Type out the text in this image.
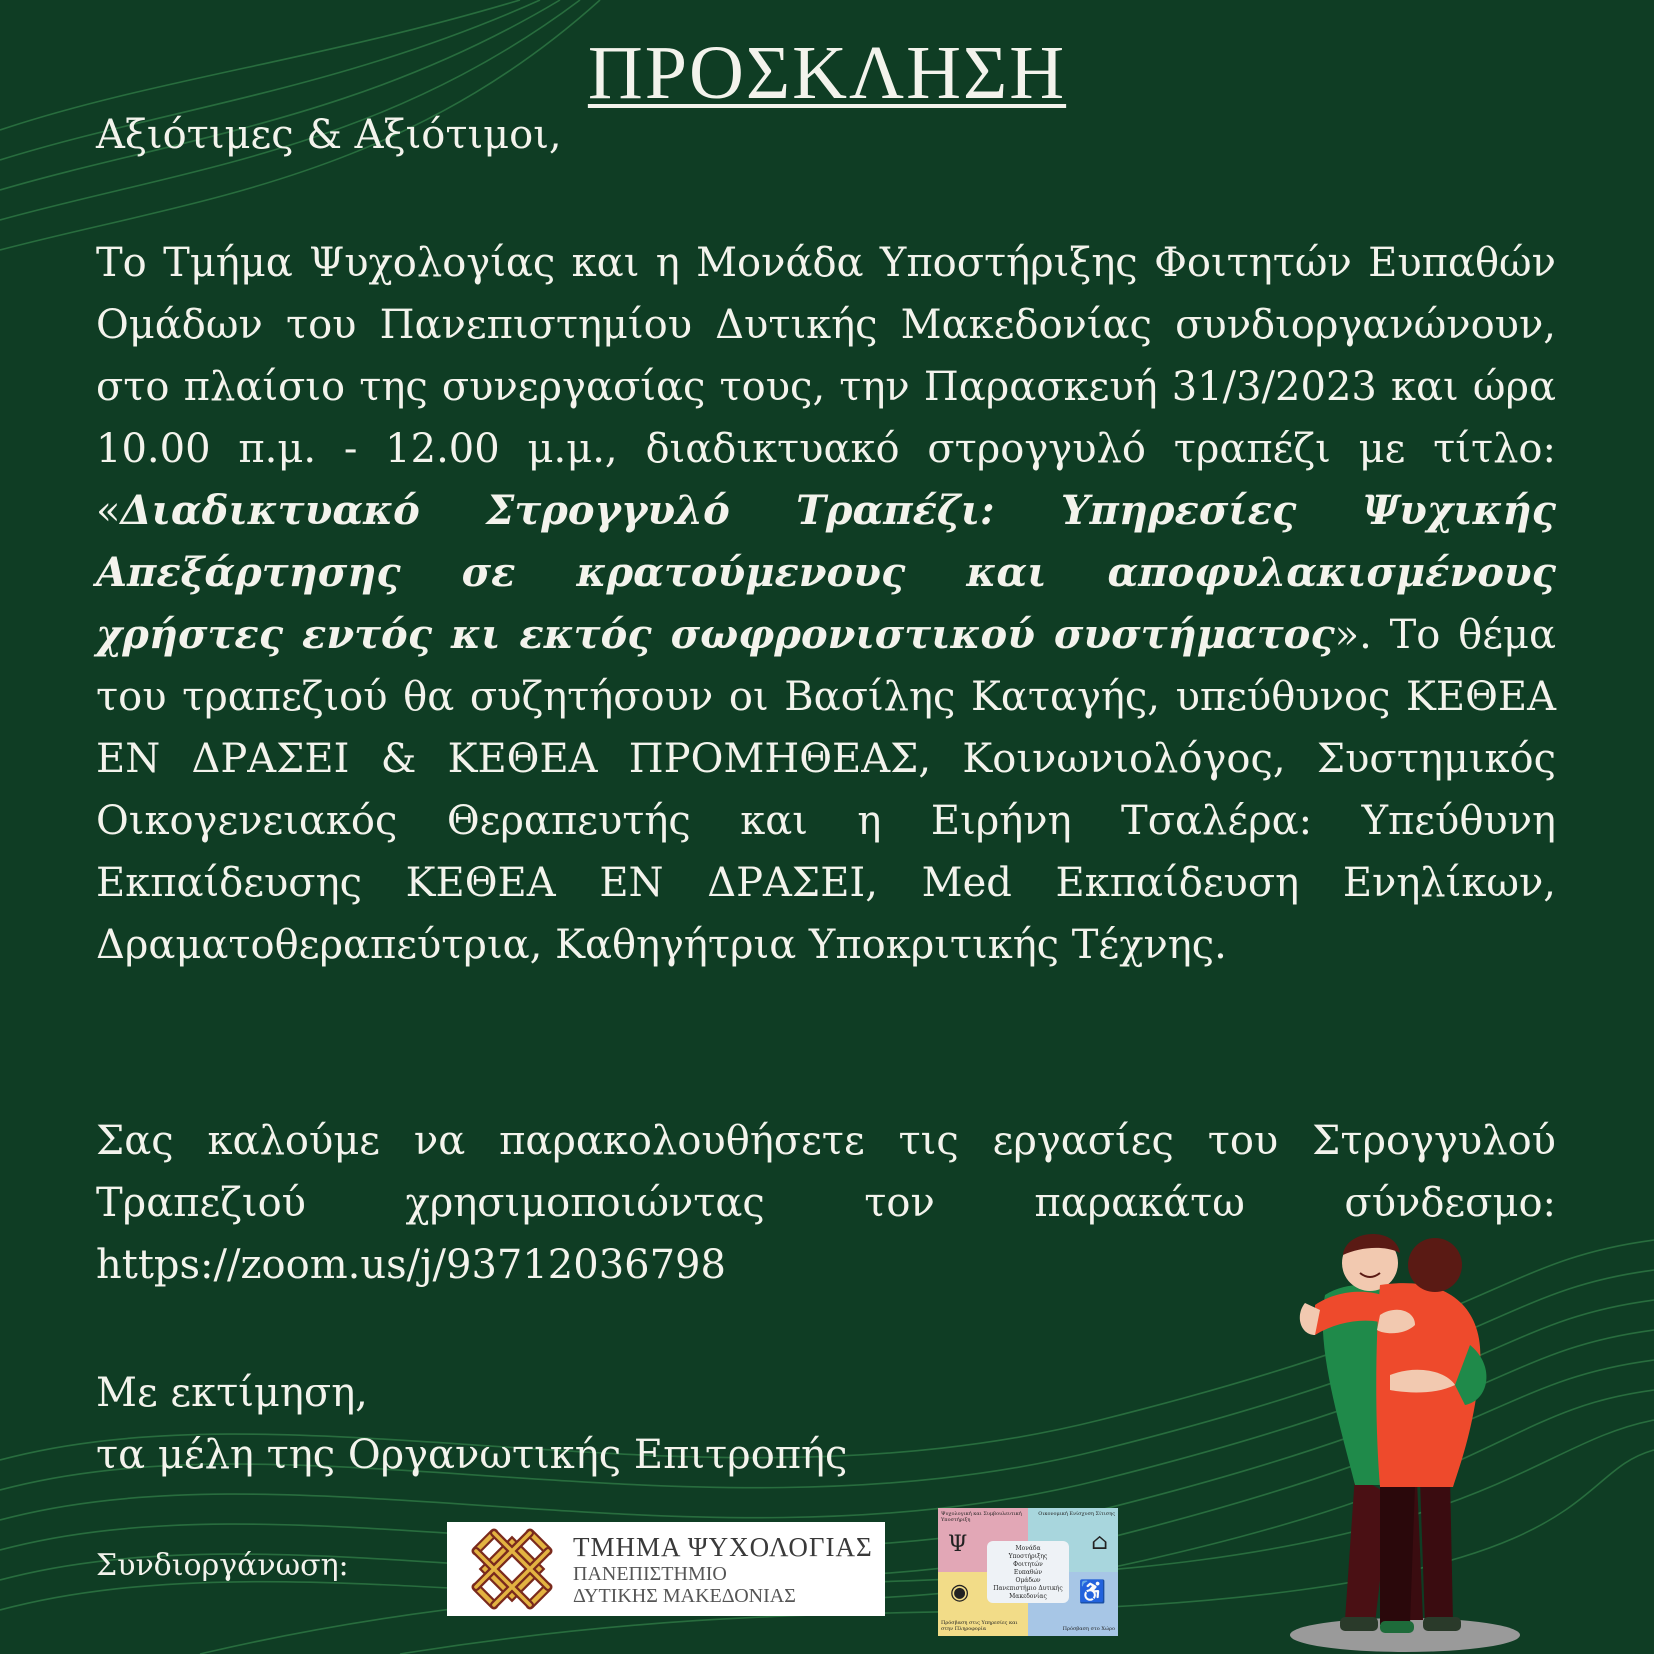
ΠΡΟΣΚΛΗΣΗ

Αξιότιμες & Αξιότιμοι,

Το Τμήμα Ψυχολογίας και η Μονάδα Υποστήριξης Φοιτητών Ευπαθών Ομάδων του Πανεπιστημίου Δυτικής Μακεδονίας συνδιοργανώνουν, στο πλαίσιο της συνεργασίας τους, την Παρασκευή 31/3/2023 και ώρα 10.00 π.μ. - 12.00 μ.μ., διαδικτυακό στρογγυλό τραπέζι με τίτλο: «Διαδικτυακό Στρογγυλό Τραπέζι: Υπηρεσίες Ψυχικής Απεξάρτησης σε κρατούμενους και αποφυλακισμένους χρήστες εντός κι εκτός σωφρονιστικού συστήματος». Το θέμα του τραπεζιού θα συζητήσουν οι Βασίλης Καταγής, υπεύθυνος ΚΕΘΕΑ ΕΝ ΔΡΑΣΕΙ & ΚΕΘΕΑ ΠΡΟΜΗΘΕΑΣ, Κοινωνιολόγος, Συστημικός Οικογενειακός Θεραπευτής και η Ειρήνη Τσαλέρα: Υπεύθυνη Εκπαίδευσης ΚΕΘΕΑ ΕΝ ΔΡΑΣΕΙ, Med Εκπαίδευση Ενηλίκων, Δραματοθεραπεύτρια, Καθηγήτρια Υποκριτικής Τέχνης.

Σας καλούμε να παρακολουθήσετε τις εργασίες του Στρογγυλού Τραπεζιού χρησιμοποιώντας τον παρακάτω σύνδεσμο: https://zoom.us/j/93712036798

Με εκτίμηση,
τα μέλη της Οργανωτικής Επιτροπής

Συνδιοργάνωση:

ΤΜΗΜΑ ΨΥΧΟΛΟΓΙΑΣ
ΠΑΝΕΠΙΣΤΗΜΙΟ
ΔΥΤΙΚΗΣ ΜΑΚΕΔΟΝΙΑΣ
Ψυχολογική και Συμβουλευτική Υποστήριξη
Ψ
Οικονομική Ενίσχυση Σίτισης
⌂
◉
Πρόσβαση στις Υπηρεσίες και στην Πληροφορία
♿
Πρόσβαση στο Χώρο
Μονάδα
Υποστήριξης
Φοιτητών
Ευπαθών
Ομάδων
Πανεπιστήμιο Δυτικής
Μακεδονίας
